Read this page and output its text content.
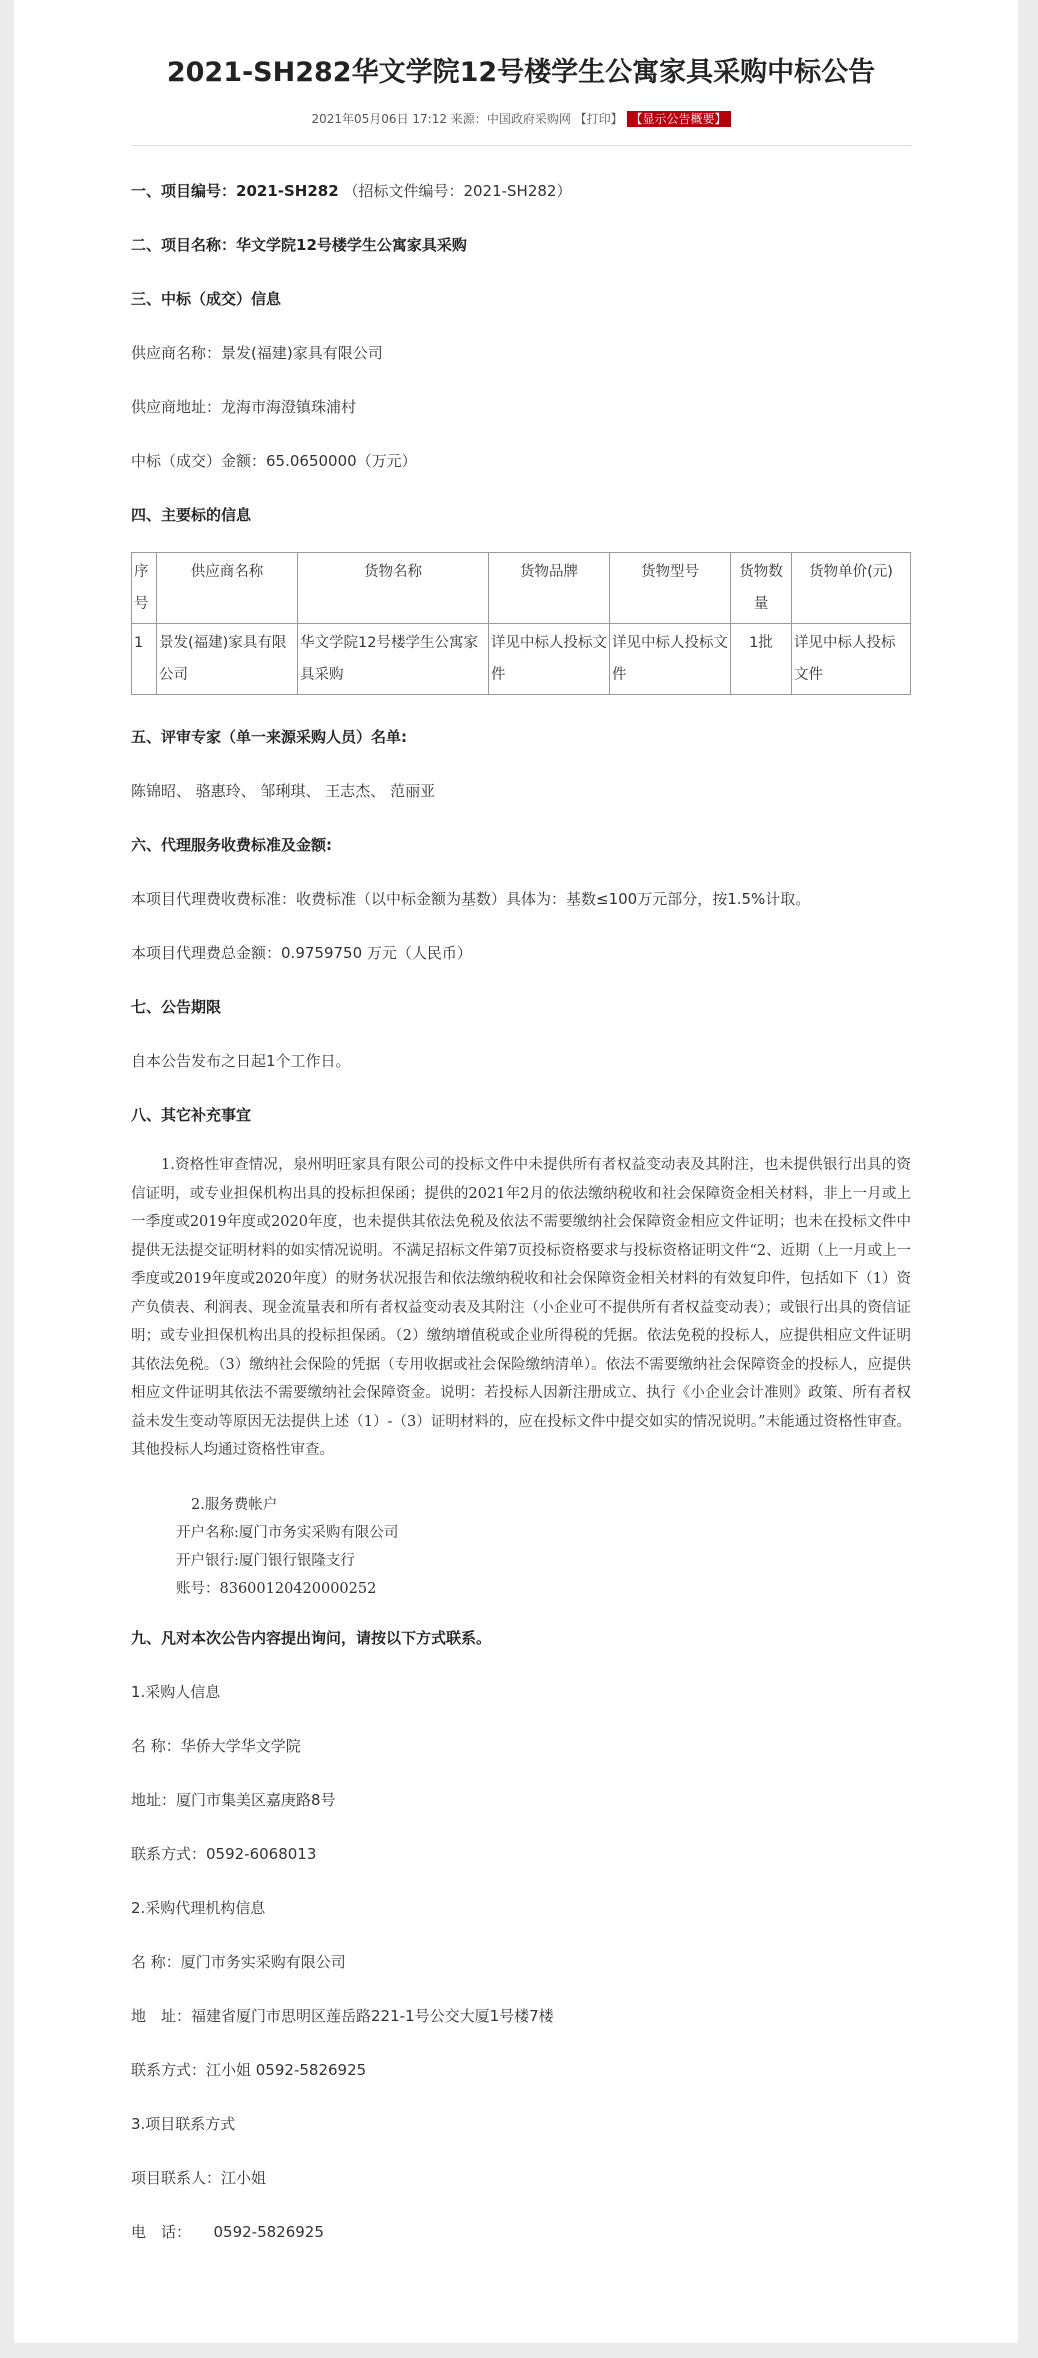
2021-SH282华文学院12号楼学生公寓家具采购中标公告
2021年05月06日 17:12 来源：中国政府采购网 【打印】 【显示公告概要】
一、项目编号：2021-SH282 （招标文件编号：2021-SH282）
二、项目名称：华文学院12号楼学生公寓家具采购
三、中标（成交）信息
供应商名称：景发(福建)家具有限公司
供应商地址：龙海市海澄镇珠浦村
中标（成交）金额：65.0650000（万元）
四、主要标的信息
序号	供应商名称	货物名称	货物品牌	货物型号	货物数量	货物单价(元)
1	景发(福建)家具有限公司	华文学院12号楼学生公寓家具采购	详见中标人投标文件	详见中标人投标文件	1批	详见中标人投标文件
五、评审专家（单一来源采购人员）名单:
陈锦昭、 骆惠玲、 邹琍琪、 王志杰、 范丽亚
六、代理服务收费标准及金额:
本项目代理费收费标准：收费标准（以中标金额为基数）具体为：基数≤100万元部分，按1.5%计取。
本项目代理费总金额：0.9759750 万元（人民币）
七、公告期限
自本公告发布之日起1个工作日。
八、其它补充事宜
1.资格性审查情况，泉州明旺家具有限公司的投标文件中未提供所有者权益变动表及其附注，也未提供银行出具的资信证明，或专业担保机构出具的投标担保函；提供的2021年2月的依法缴纳税收和社会保障资金相关材料，非上一月或上一季度或2019年度或2020年度，也未提供其依法免税及依法不需要缴纳社会保障资金相应文件证明；也未在投标文件中提供无法提交证明材料的如实情况说明。不满足招标文件第7页投标资格要求与投标资格证明文件“2、近期（上一月或上一季度或2019年度或2020年度）的财务状况报告和依法缴纳税收和社会保障资金相关材料的有效复印件，包括如下（1）资产负债表、利润表、现金流量表和所有者权益变动表及其附注（小企业可不提供所有者权益变动表）；或银行出具的资信证明；或专业担保机构出具的投标担保函。（2）缴纳增值税或企业所得税的凭据。依法免税的投标人，应提供相应文件证明其依法免税。（3）缴纳社会保险的凭据（专用收据或社会保险缴纳清单）。依法不需要缴纳社会保障资金的投标人，应提供相应文件证明其依法不需要缴纳社会保障资金。说明：若投标人因新注册成立、执行《小企业会计准则》政策、所有者权益未发生变动等原因无法提供上述（1）-（3）证明材料的，应在投标文件中提交如实的情况说明。”未能通过资格性审查。其他投标人均通过资格性审查。
2.服务费帐户
开户名称:厦门市务实采购有限公司
开户银行:厦门银行银隆支行
账号：83600120420000252
九、凡对本次公告内容提出询问，请按以下方式联系。
1.采购人信息
名 称：华侨大学华文学院
地址：厦门市集美区嘉庚路8号
联系方式：0592-6068013
2.采购代理机构信息
名 称：厦门市务实采购有限公司
地　址：福建省厦门市思明区莲岳路221-1号公交大厦1号楼7楼
联系方式：江小姐 0592-5826925
3.项目联系方式
项目联系人：江小姐
电　话：　　0592-5826925
